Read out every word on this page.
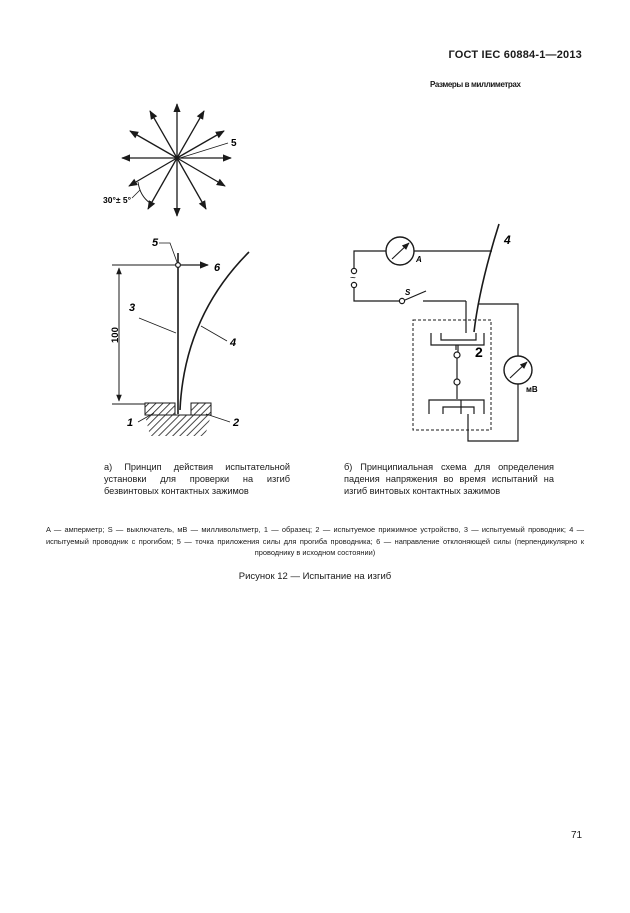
ГОСТ IEC 60884-1—2013
Размеры в миллиметрах
5
30°± 5°
100
5
6
3
4
1	2
~
A
S
4
2
мВ
а) Принцип действия испытательной установки для проверки на изгиб безвинтовых контактных зажимов
б) Принципиальная схема для определения падения напряжения во время испытаний на изгиб винтовых контактных зажимов
A — амперметр; S — выключатель, мВ — милливольтметр, 1 — образец; 2 — испытуемое прижимное устройство, 3 — испытуемый проводник; 4 — испытуемый проводник с прогибом; 5 — точка приложения силы для прогиба проводника; 6 — направление отклоняющей силы (перпендикулярно к проводнику в исходном состоянии)
Рисунок 12 — Испытание на изгиб
71
